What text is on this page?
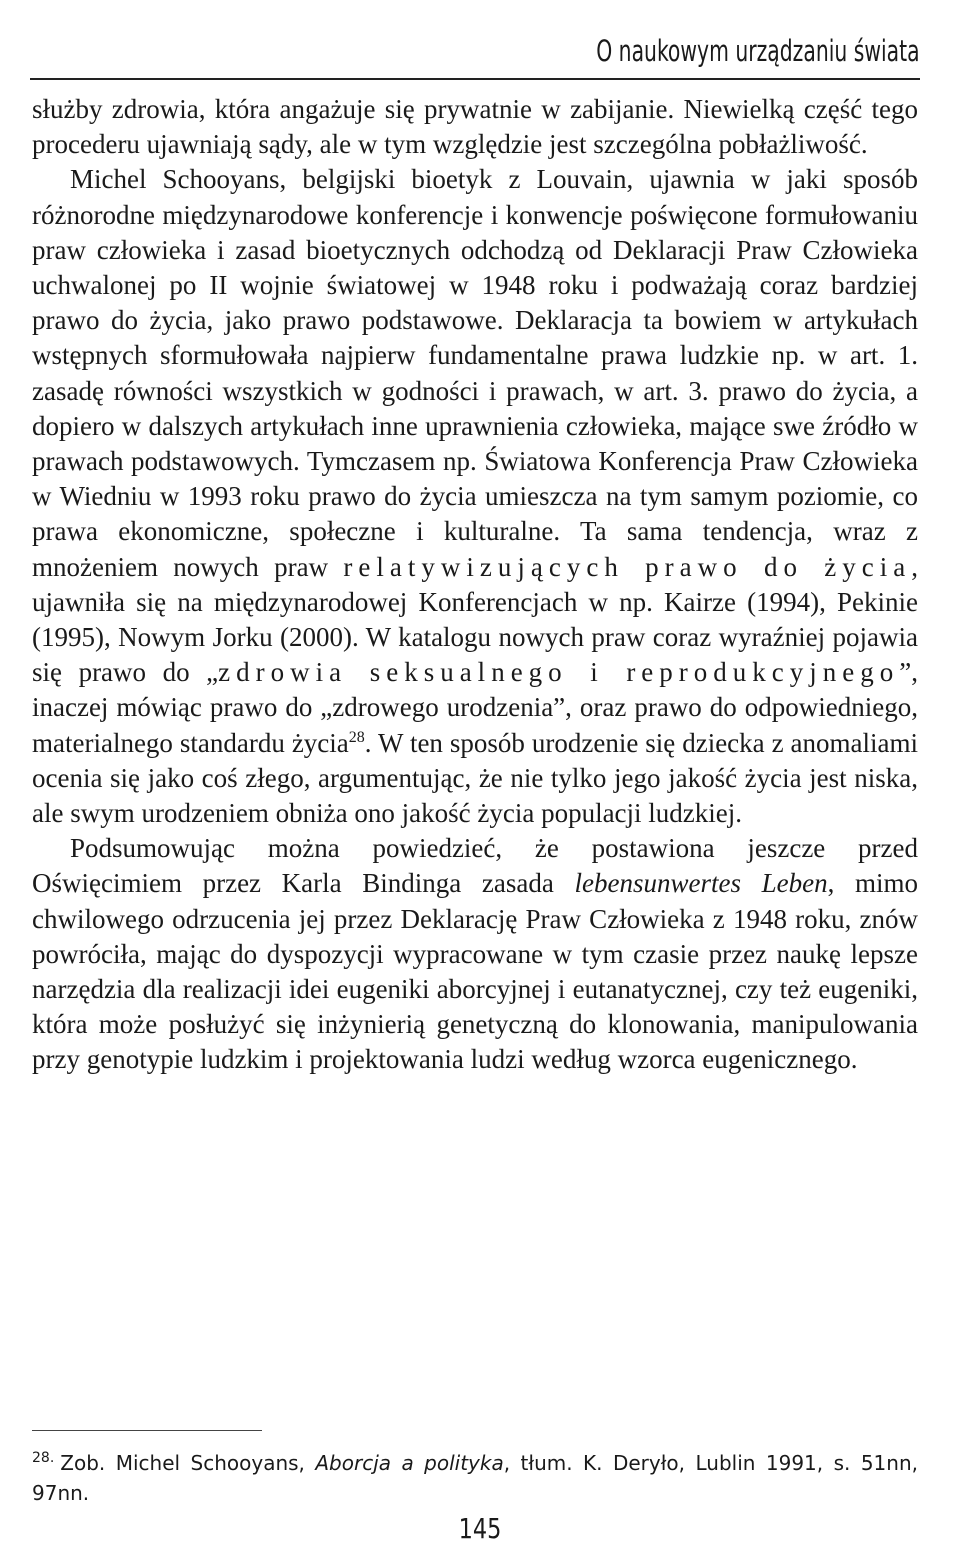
O naukowym urządzaniu świata

służby zdrowia, która angażuje się prywatnie w zabijanie. Niewielką część tego procederu ujawniają sądy, ale w tym względzie jest szczególna pobłażliwość.

Michel Schooyans, belgijski bioetyk z Louvain, ujawnia w jaki sposób różnorodne międzynarodowe konferencje i konwencje poświęcone formułowaniu praw człowieka i zasad bioetycznych odchodzą od Deklaracji Praw Człowieka uchwalonej po II wojnie światowej w 1948 roku i podważają coraz bardziej prawo do życia, jako prawo podstawowe. Deklaracja ta bowiem w artykułach wstępnych sformułowała najpierw fundamentalne prawa ludzkie np. w art. 1. zasadę równości wszystkich w godności i prawach, w art. 3. prawo do życia, a dopiero w dalszych artykułach inne uprawnienia człowieka, mające swe źródło w prawach podstawowych. Tymczasem np. Światowa Konferencja Praw Człowieka w Wiedniu w 1993 roku prawo do życia umieszcza na tym samym poziomie, co prawa ekonomiczne, społeczne i kulturalne. Ta sama tendencja, wraz z mnożeniem nowych praw relatywizujących prawo do życia, ujawniła się na międzynarodowej Konferencjach w np. Kairze (1994), Pekinie (1995), Nowym Jorku (2000). W katalogu nowych praw coraz wyraźniej pojawia się prawo do „zdrowia seksualnego i reprodukcyjnego”, inaczej mówiąc prawo do „zdrowego urodzenia”, oraz prawo do odpowiedniego, materialnego standardu życia$^{28}$. W ten sposób urodzenie się dziecka z anomaliami ocenia się jako coś złego, argumentując, że nie tylko jego jakość życia jest niska, ale swym urodzeniem obniża ono jakość życia populacji ludzkiej.

Podsumowując można powiedzieć, że postawiona jeszcze przed Oświęcimiem przez Karla Bindinga zasada lebensunwertes Leben, mimo chwilowego odrzucenia jej przez Deklarację Praw Człowieka z 1948 roku, znów powróciła, mając do dyspozycji wypracowane w tym czasie przez naukę lepsze narzędzia dla realizacji idei eugeniki aborcyjnej i eutanatycznej, czy też eugeniki, która może posłużyć się inżynierią genetyczną do klonowania, manipulowania przy genotypie ludzkim i projektowania ludzi według wzorca eugenicznego.

$^{28.}$ Zob. Michel Schooyans, Aborcja a polityka, tłum. K. Deryło, Lublin 1991, s. 51nn, 97nn.
145
